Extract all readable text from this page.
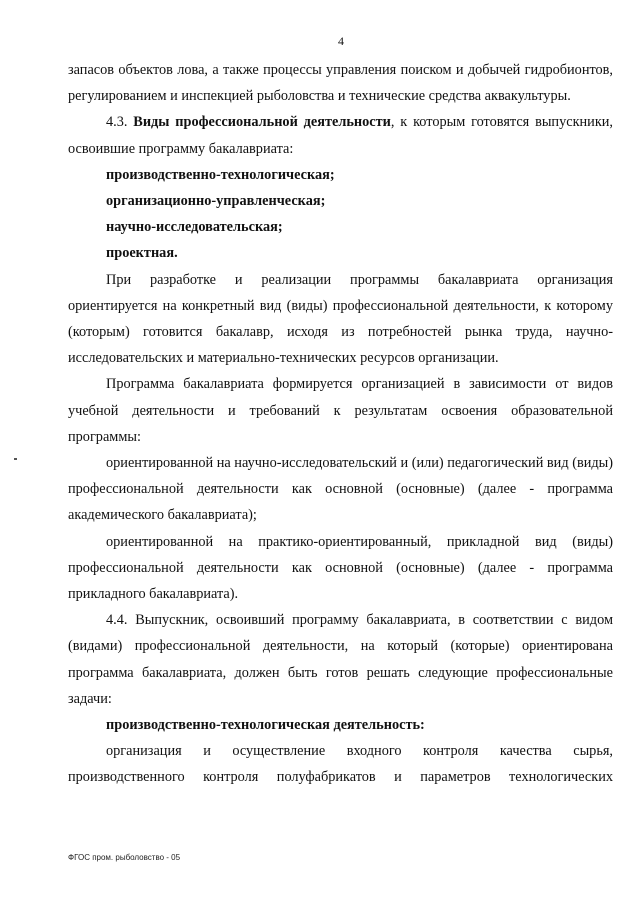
4

запасов объектов лова, а также процессы управления поиском и добычей гидробионтов, регулированием и инспекцией рыболовства и технические средства аквакультуры.

4.3. Виды профессиональной деятельности, к которым готовятся выпускники, освоившие программу бакалавриата:

производственно-технологическая;

организационно-управленческая;

научно-исследовательская;

проектная.

При разработке и реализации программы бакалавриата организация ориентируется на конкретный вид (виды) профессиональной деятельности, к которому (которым) готовится бакалавр, исходя из потребностей рынка труда, научно-исследовательских и материально-технических ресурсов организации.

Программа бакалавриата формируется организацией в зависимости от видов учебной деятельности и требований к результатам освоения образовательной программы:

ориентированной на научно-исследовательский и (или) педагогический вид (виды) профессиональной деятельности как основной (основные) (далее - программа академического бакалавриата);

ориентированной на практико-ориентированный, прикладной вид (виды) профессиональной деятельности как основной (основные) (далее - программа прикладного бакалавриата).

4.4. Выпускник, освоивший программу бакалавриата, в соответствии с видом (видами) профессиональной деятельности, на который (которые) ориентирована программа бакалавриата, должен быть готов решать следующие профессиональные задачи:

производственно-технологическая деятельность:

организация и осуществление входного контроля качества сырья, производственного контроля полуфабрикатов и параметров технологических

ФГОС пром. рыболовство - 05
